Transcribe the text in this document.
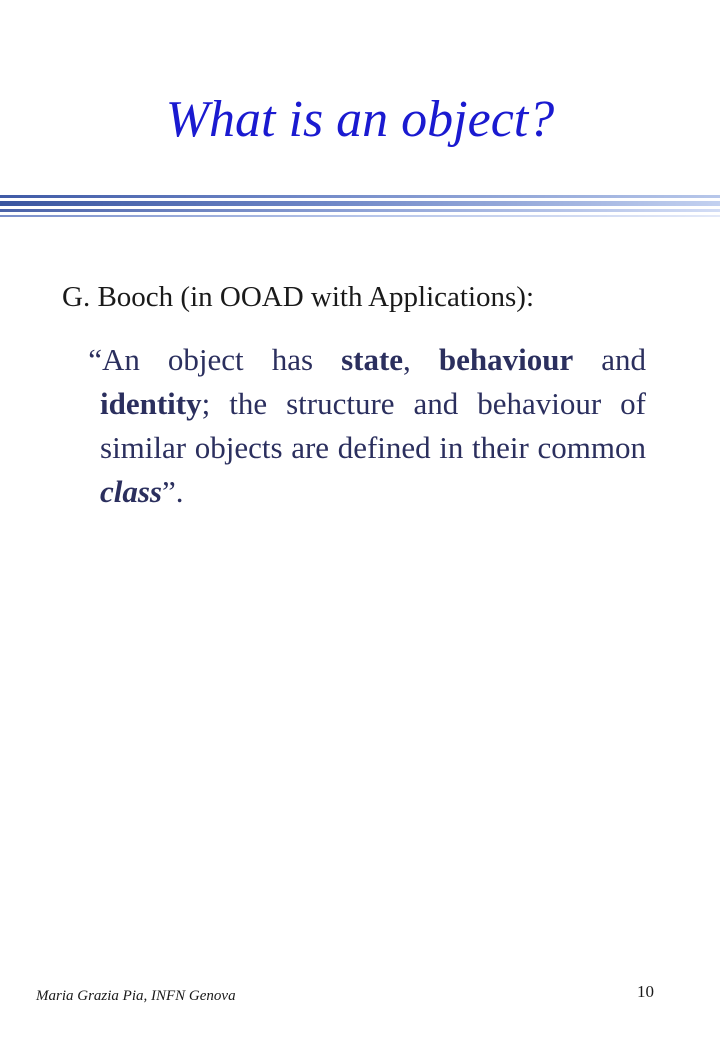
What is an object?
G. Booch (in OOAD with Applications):

“An object has state, behaviour and identity; the structure and behaviour of similar objects are defined in their common class”.

Maria Grazia Pia, INFN Genova	10
